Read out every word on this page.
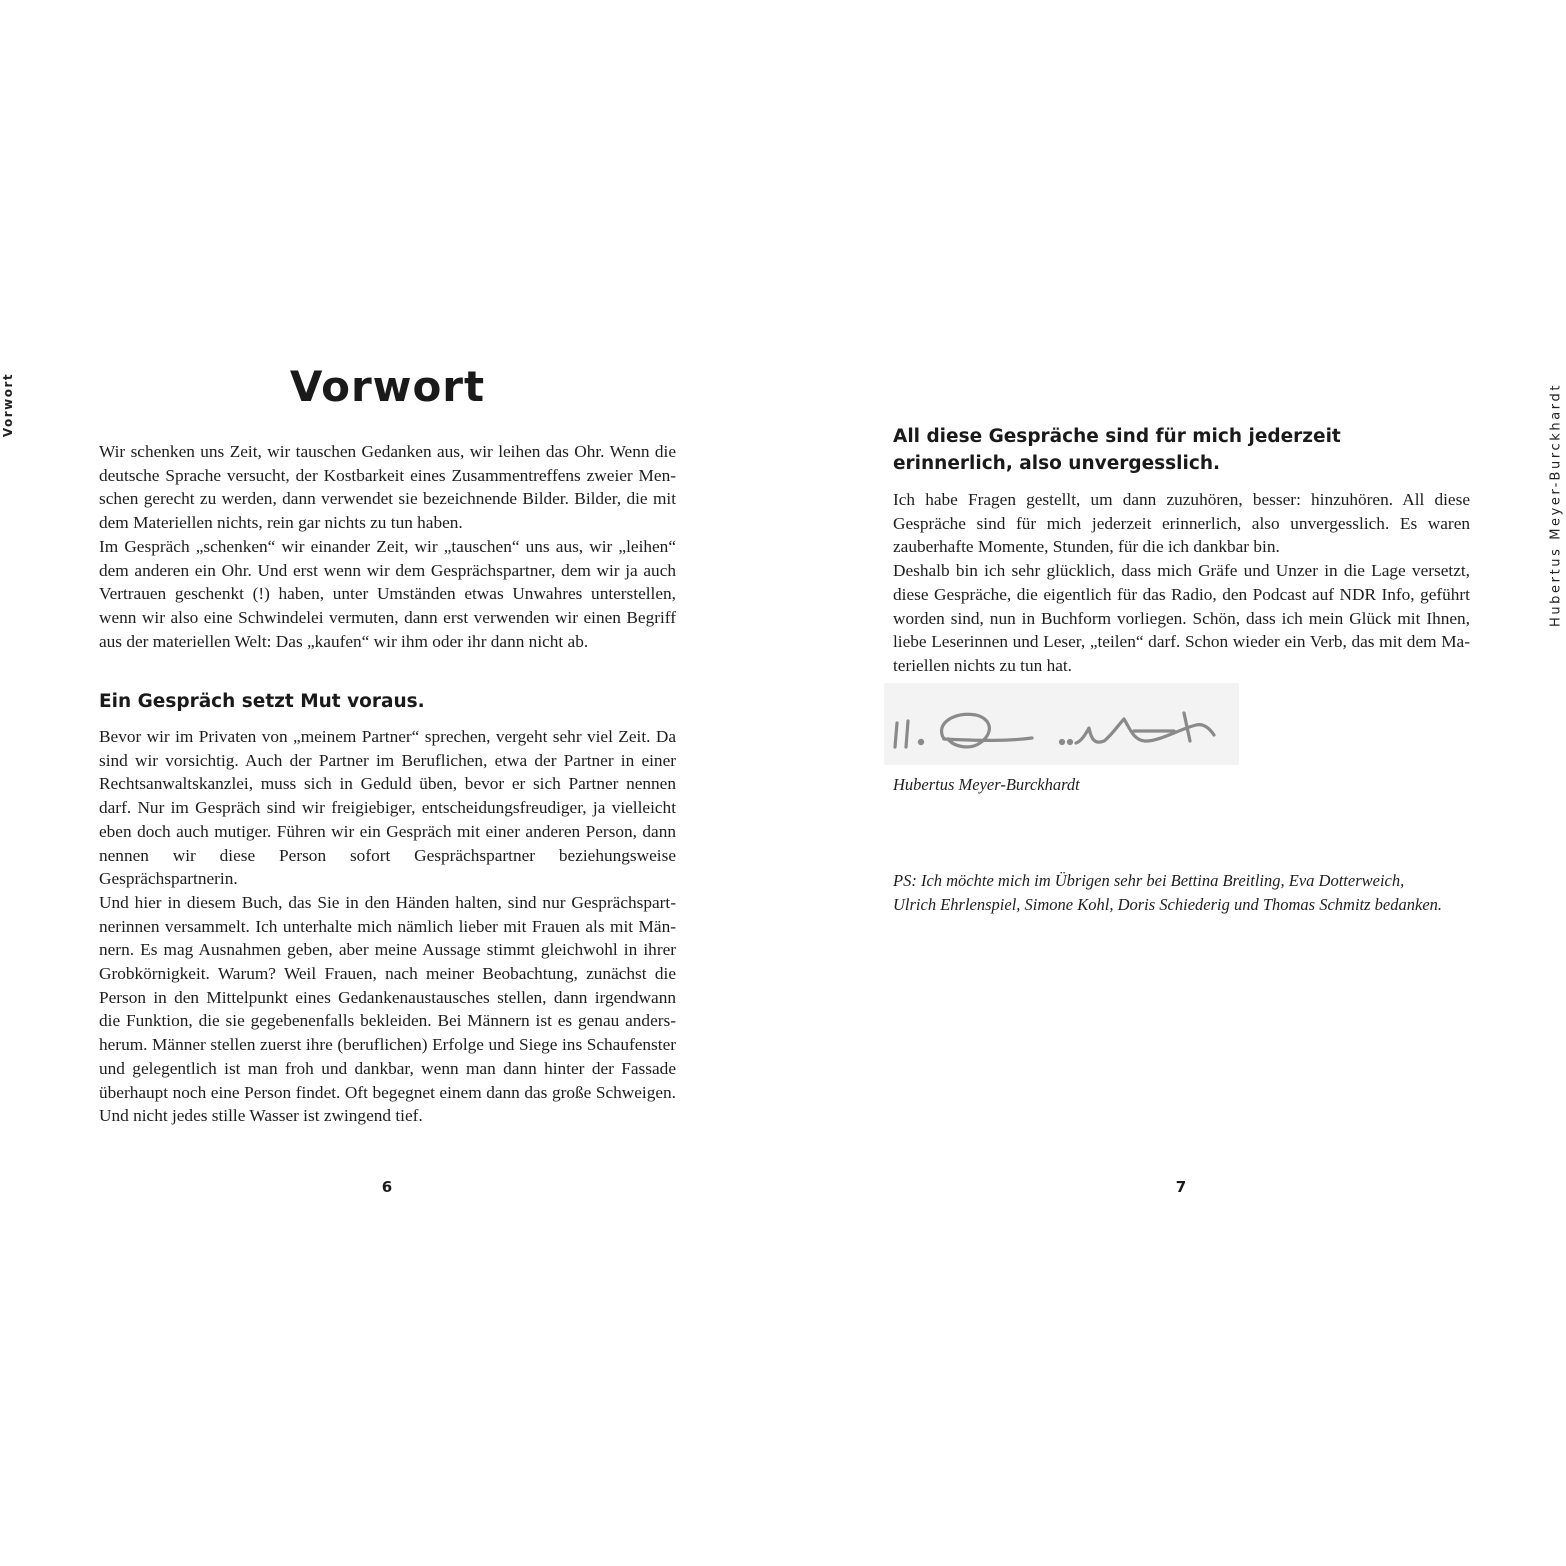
Vorwort	Hubertus Meyer-Burckhardt
Vorwort

Wir schenken uns Zeit, wir tauschen Gedanken aus, wir leihen das Ohr. Wenn die deutsche Sprache versucht, der Kostbarkeit eines Zusammentreffens zweier Menschen gerecht zu werden, dann verwendet sie bezeichnende Bilder. Bilder, die mit dem Materiellen nichts, rein gar nichts zu tun haben.

Im Gespräch „schenken“ wir einander Zeit, wir „tauschen“ uns aus, wir „leihen“ dem anderen ein Ohr. Und erst wenn wir dem Gesprächspartner, dem wir ja auch Vertrauen geschenkt (!) haben, unter Umständen etwas Unwahres unterstellen, wenn wir also eine Schwindelei vermuten, dann erst verwenden wir einen Begriff aus der materiellen Welt: Das „kaufen“ wir ihm oder ihr dann nicht ab.

Ein Gespräch setzt Mut voraus.

Bevor wir im Privaten von „meinem Partner“ sprechen, vergeht sehr viel Zeit. Da sind wir vorsichtig. Auch der Partner im Beruflichen, etwa der Partner in einer Rechtsanwaltskanzlei, muss sich in Geduld üben, bevor er sich Partner nennen darf. Nur im Gespräch sind wir freigiebiger, entscheidungsfreudiger, ja vielleicht eben doch auch mutiger. Führen wir ein Gespräch mit einer anderen Person, dann nennen wir diese Person sofort Gesprächspartner beziehungsweise Gesprächspartnerin.

Und hier in diesem Buch, das Sie in den Händen halten, sind nur Gesprächspartnerinnen versammelt. Ich unterhalte mich nämlich lieber mit Frauen als mit Männern. Es mag Ausnahmen geben, aber meine Aussage stimmt gleichwohl in ihrer Grobkörnigkeit. Warum? Weil Frauen, nach meiner Beobachtung, zunächst die Person in den Mittelpunkt eines Gedankenaustausches stellen, dann irgendwann die Funktion, die sie gegebenenfalls bekleiden. Bei Männern ist es genau andersherum. Männer stellen zuerst ihre (beruflichen) Erfolge und Siege ins Schaufenster und gelegentlich ist man froh und dankbar, wenn man dann hinter der Fassade überhaupt noch eine Person findet. Oft begegnet einem dann das große Schweigen. Und nicht jedes stille Wasser ist zwingend tief.

6
All diese Gespräche sind für mich jederzeit
erinnerlich, also unvergesslich.

Ich habe Fragen gestellt, um dann zuzuhören, besser: hinzuhören. All diese Gespräche sind für mich jederzeit erinnerlich, also unvergesslich. Es waren zauberhafte Momente, Stunden, für die ich dankbar bin.

Deshalb bin ich sehr glücklich, dass mich Gräfe und Unzer in die Lage versetzt, diese Gespräche, die eigentlich für das Radio, den Podcast auf NDR Info, geführt worden sind, nun in Buchform vorliegen. Schön, dass ich mein Glück mit Ihnen, liebe Leserinnen und Leser, „teilen“ darf. Schon wieder ein Verb, das mit dem Materiellen nichts zu tun hat.

Hubertus Meyer-Burckhardt
PS: Ich möchte mich im Übrigen sehr bei Bettina Breitling, Eva Dotterweich,
Ulrich Ehrlenspiel, Simone Kohl, Doris Schiederig und Thomas Schmitz bedanken.
7
